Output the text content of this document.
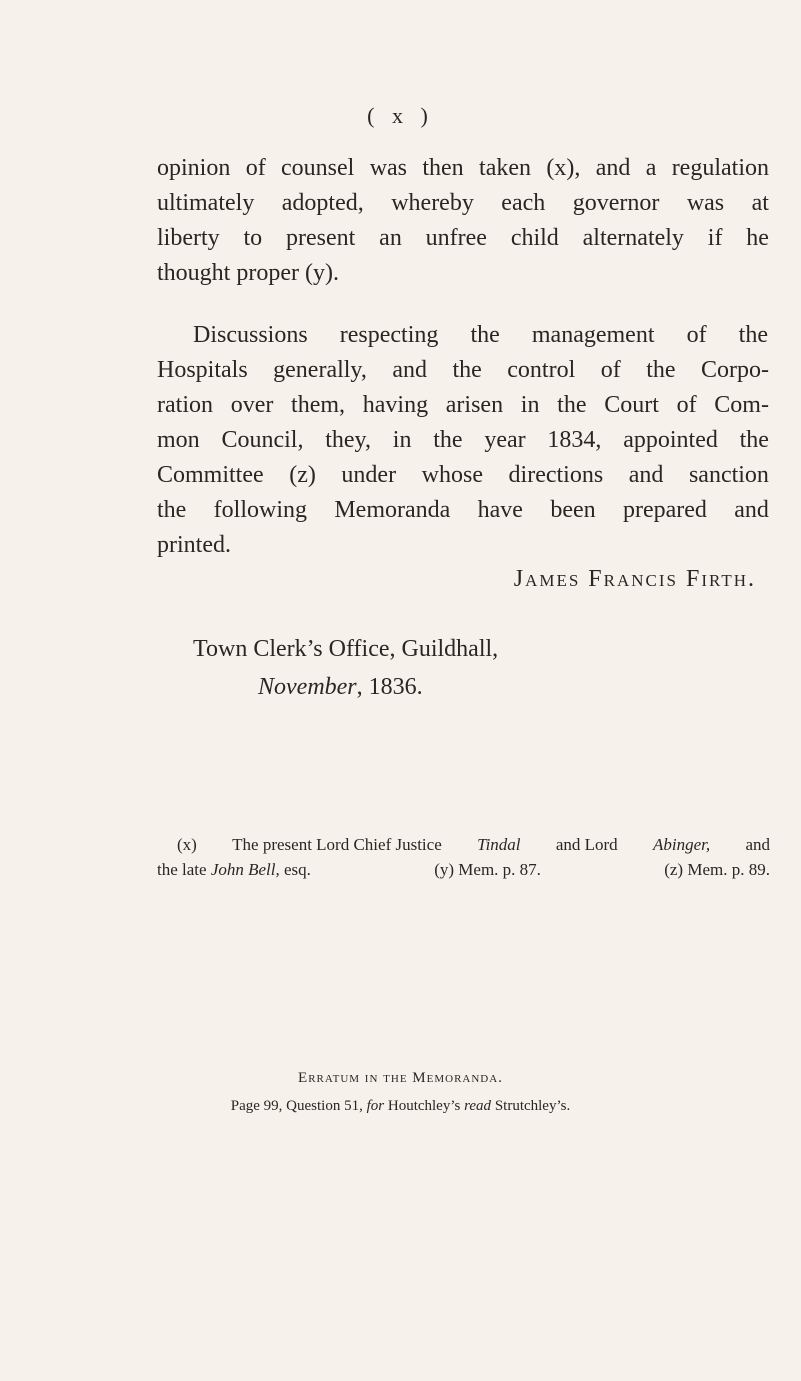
( x )
opinion of counsel was then taken (x), and a regulation
ultimately adopted, whereby each governor was at
liberty to present an unfree child alternately if he
thought proper (y).
Discussions respecting the management of the
Hospitals generally, and the control of the Corpo-
ration over them, having arisen in the Court of Com-
mon Council, they, in the year 1834, appointed the
Committee (z) under whose directions and sanction
the following Memoranda have been prepared and
printed.
James Francis Firth.
Town Clerk’s Office, Guildhall,
November, 1836.
(x) The present Lord Chief Justice Tindal and Lord Abinger, and
the late John Bell, esq.	(y) Mem. p. 87.	(z) Mem. p. 89.
Erratum in the Memoranda.
Page 99, Question 51, for Houtchley’s read Strutchley’s.
